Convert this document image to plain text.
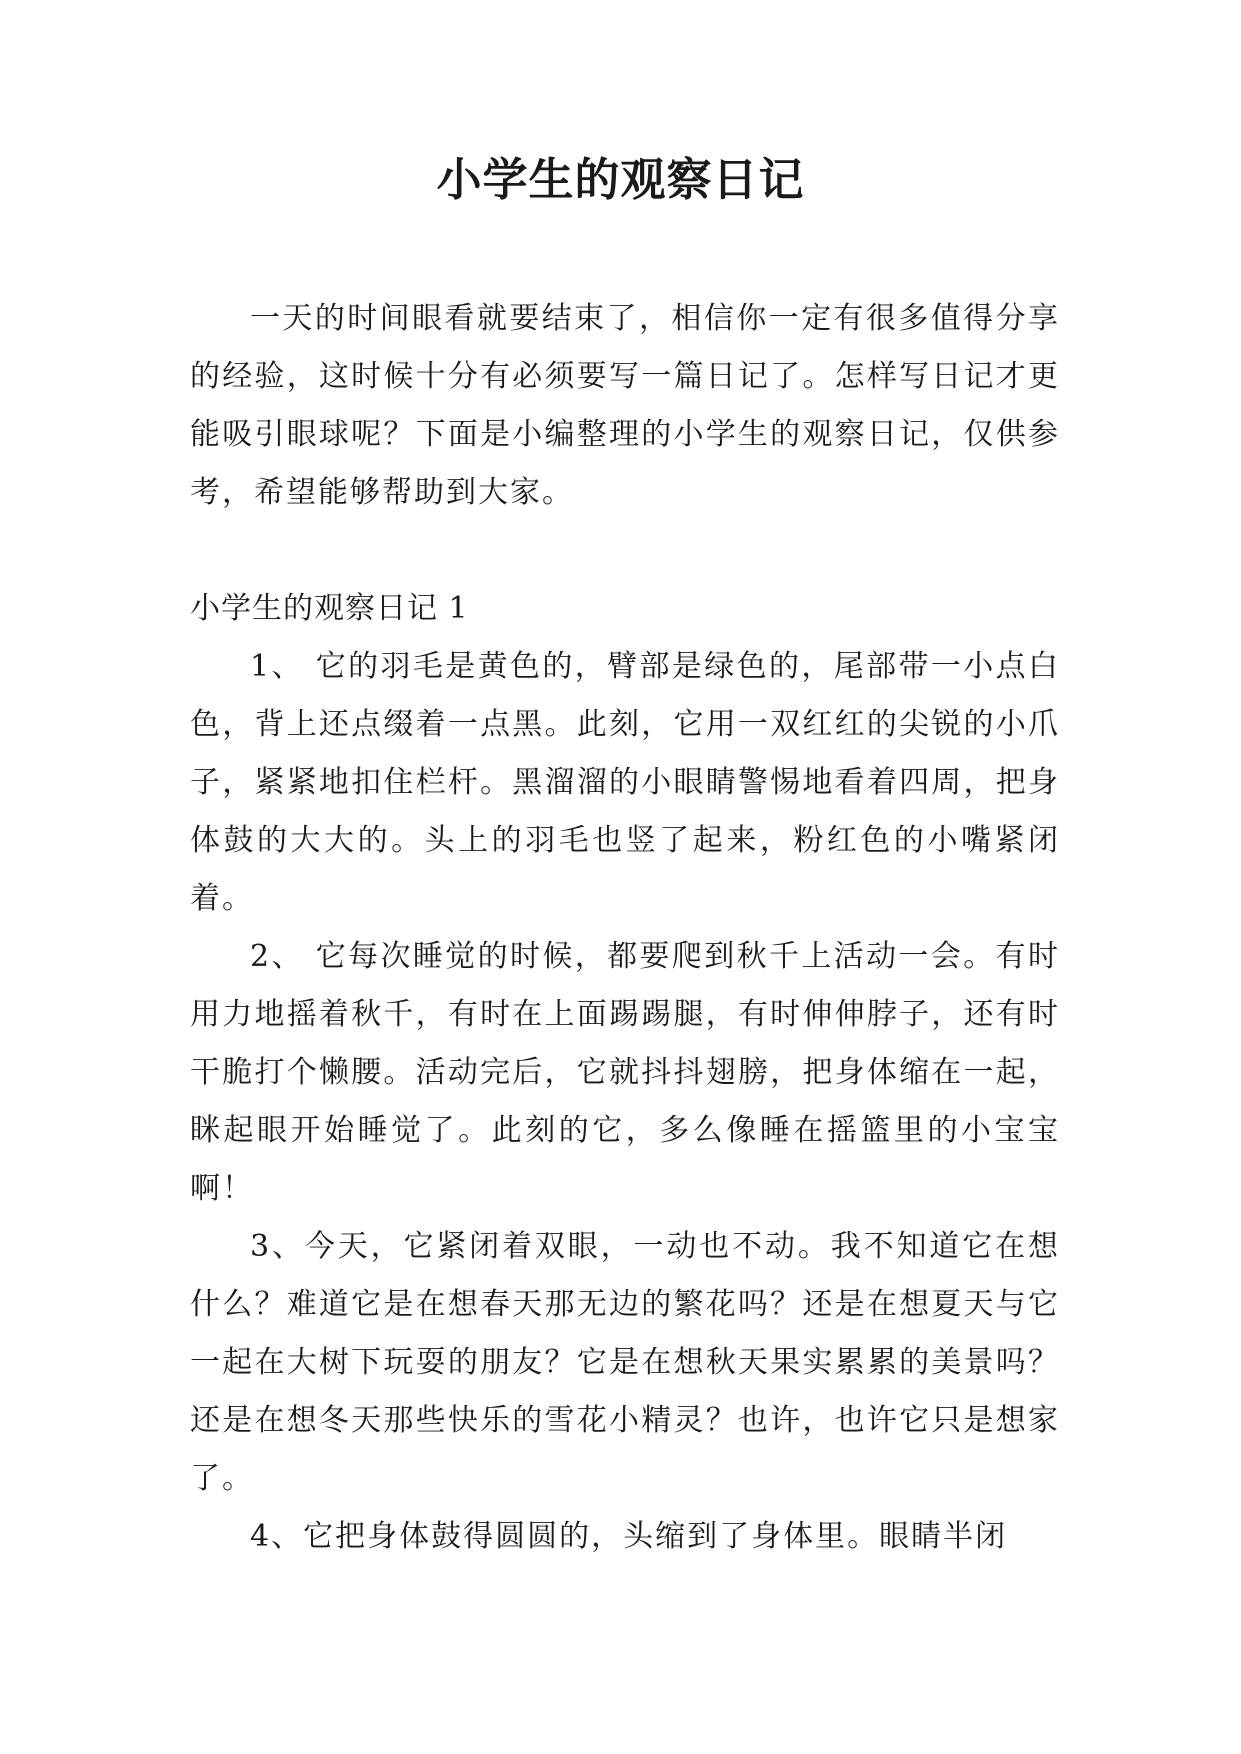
小学生的观察日记

一天的时间眼看就要结束了，相信你一定有很多值得分享的经验，这时候十分有必须要写一篇日记了。怎样写日记才更能吸引眼球呢？下面是小编整理的小学生的观察日记，仅供参考，希望能够帮助到大家。

小学生的观察日记 1

1、 它的羽毛是黄色的，臂部是绿色的，尾部带一小点白色，背上还点缀着一点黑。此刻，它用一双红红的尖锐的小爪子，紧紧地扣住栏杆。黑溜溜的小眼睛警惕地看着四周，把身体鼓的大大的。头上的羽毛也竖了起来，粉红色的小嘴紧闭着。

2、 它每次睡觉的时候，都要爬到秋千上活动一会。有时用力地摇着秋千，有时在上面踢踢腿，有时伸伸脖子，还有时干脆打个懒腰。活动完后，它就抖抖翅膀，把身体缩在一起，眯起眼开始睡觉了。此刻的它，多么像睡在摇篮里的小宝宝啊！

3、今天，它紧闭着双眼，一动也不动。我不知道它在想什么？难道它是在想春天那无边的繁花吗？还是在想夏天与它一起在大树下玩耍的朋友？它是在想秋天果实累累的美景吗？还是在想冬天那些快乐的雪花小精灵？也许，也许它只是想家了。

4、它把身体鼓得圆圆的，头缩到了身体里。眼睛半闭
